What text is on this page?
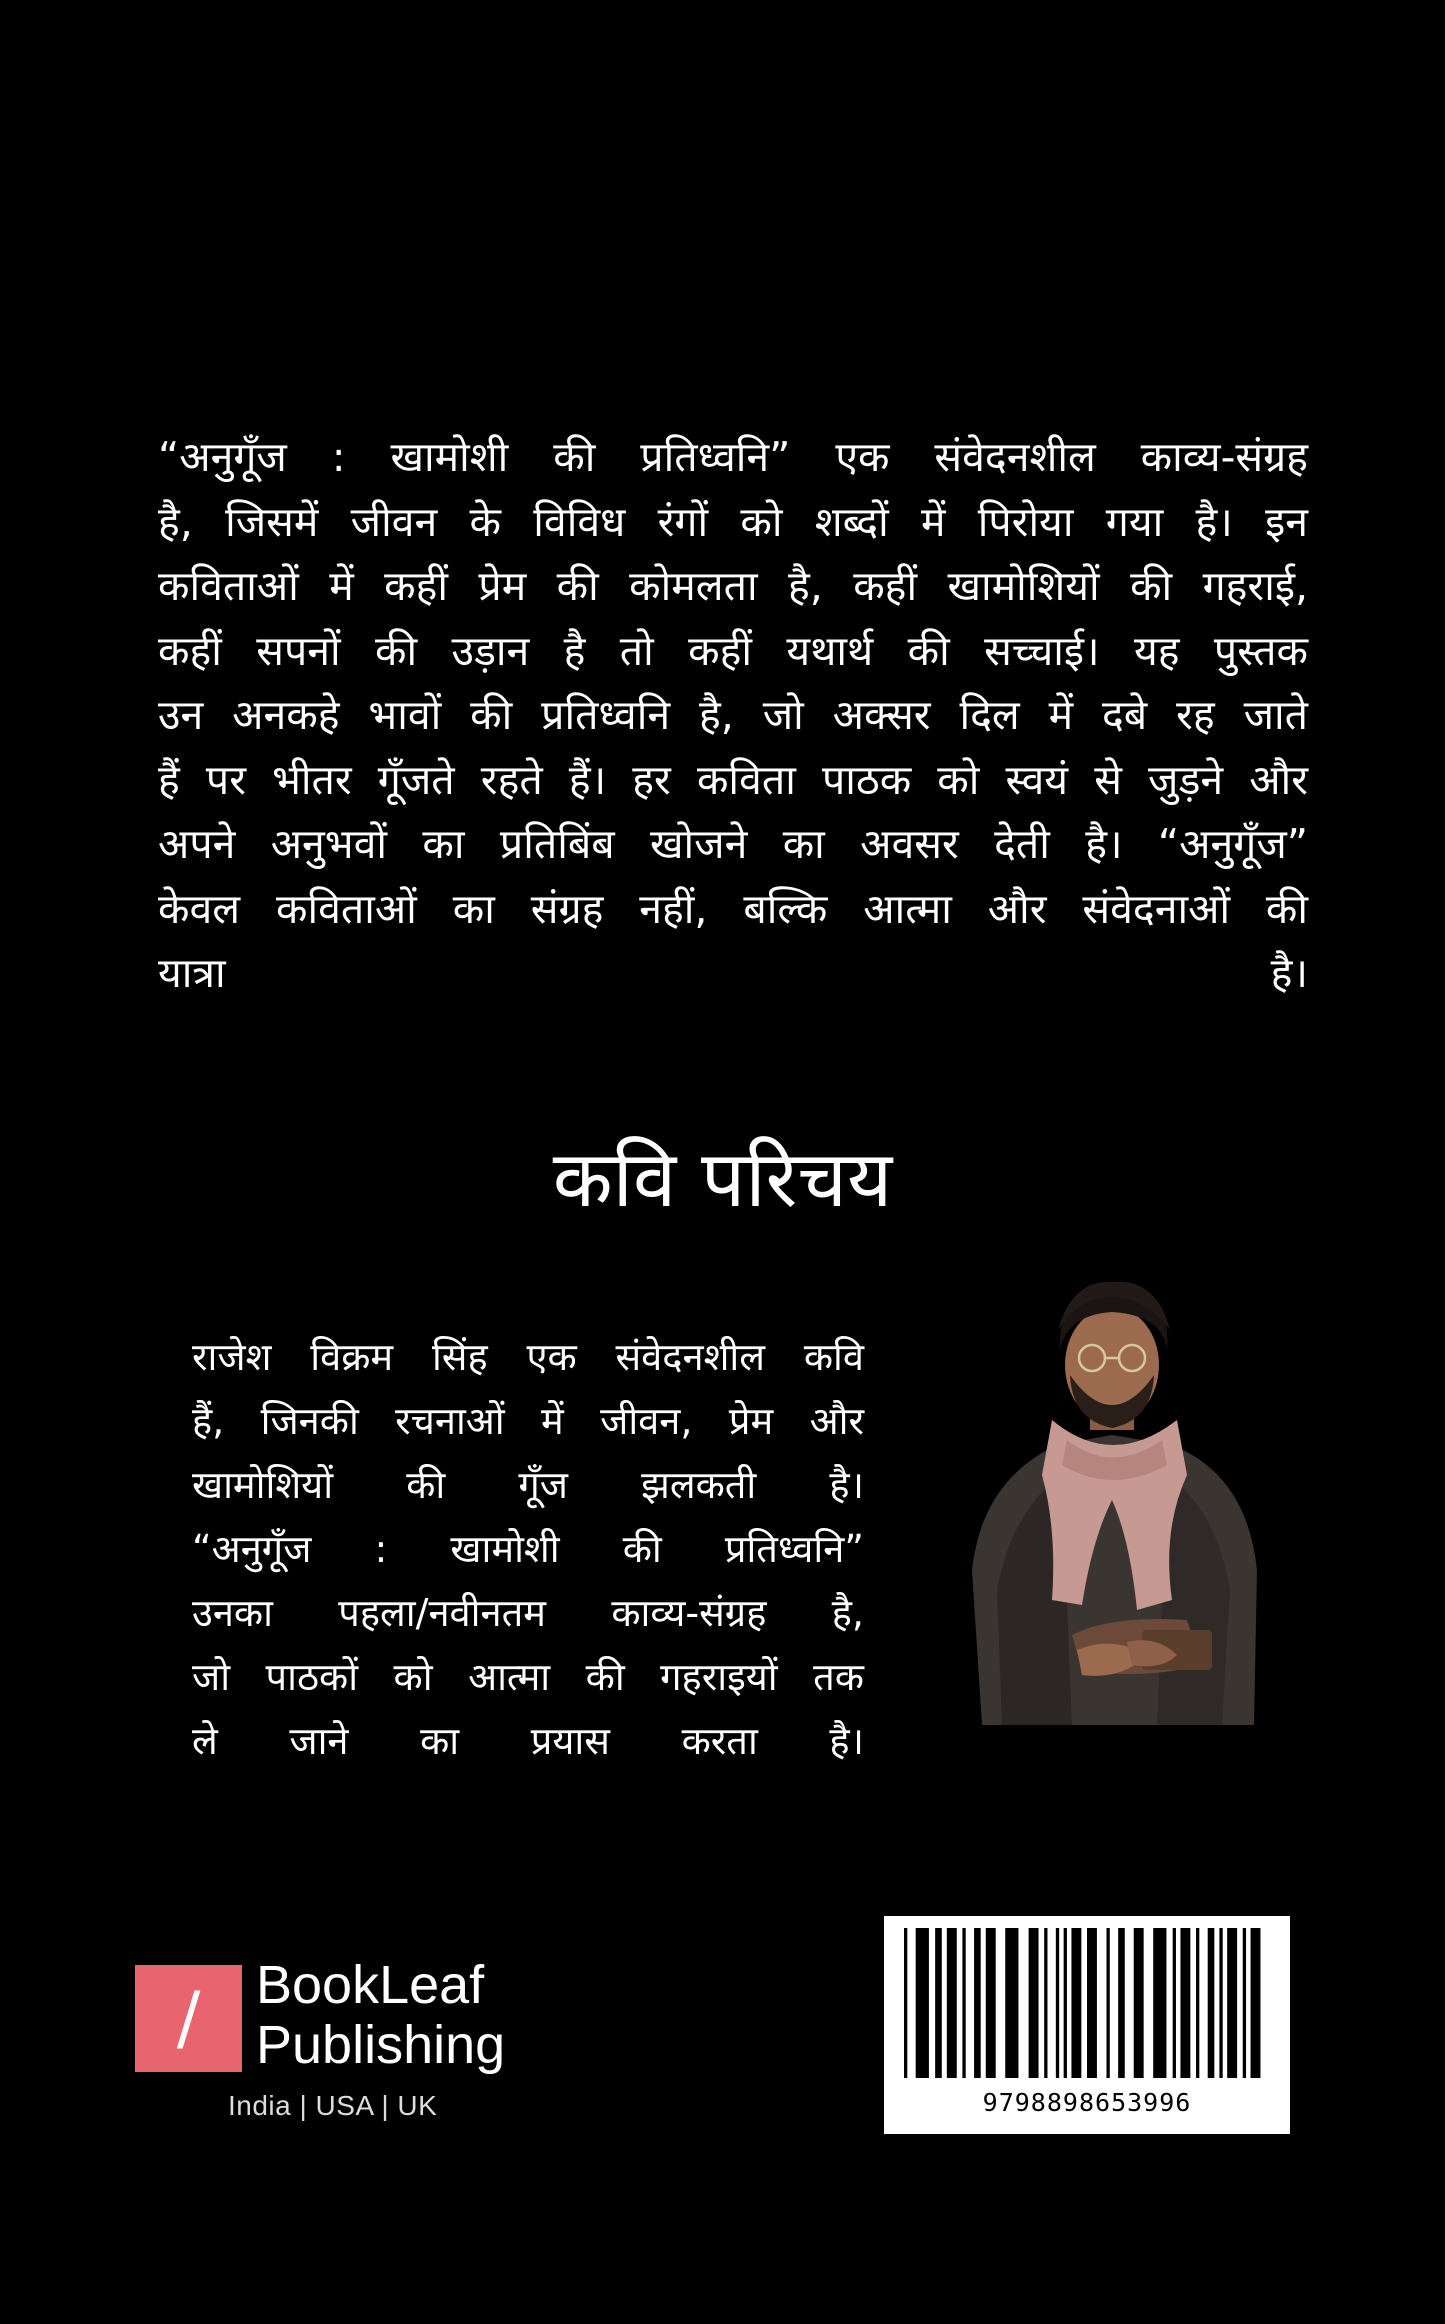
“अनुगूँज : खामोशी की प्रतिध्वनि” एक संवेदनशील काव्य-संग्रह
है, जिसमें जीवन के विविध रंगों को शब्दों में पिरोया गया है। इन
कविताओं में कहीं प्रेम की कोमलता है, कहीं खामोशियों की गहराई,
कहीं सपनों की उड़ान है तो कहीं यथार्थ की सच्चाई। यह पुस्तक
उन अनकहे भावों की प्रतिध्वनि है, जो अक्सर दिल में दबे रह जाते
हैं पर भीतर गूँजते रहते हैं। हर कविता पाठक को स्वयं से जुड़ने और
अपने अनुभवों का प्रतिबिंब खोजने का अवसर देती है। “अनुगूँज”
केवल कविताओं का संग्रह नहीं, बल्कि आत्मा और संवेदनाओं की
यात्रा                                                                              है।
कवि परिचय
राजेश विक्रम सिंह एक संवेदनशील कवि
हैं, जिनकी रचनाओं में जीवन, प्रेम और
खामोशियों की गूँज झलकती है।
“अनुगूँज : खामोशी की प्रतिध्वनि”
उनका पहला/नवीनतम काव्य-संग्रह है,
जो पाठकों को आत्मा की गहराइयों तक
ले जाने का प्रयास करता है।
/	BookLeaf
Publishing
India | USA | UK	9798898653996
